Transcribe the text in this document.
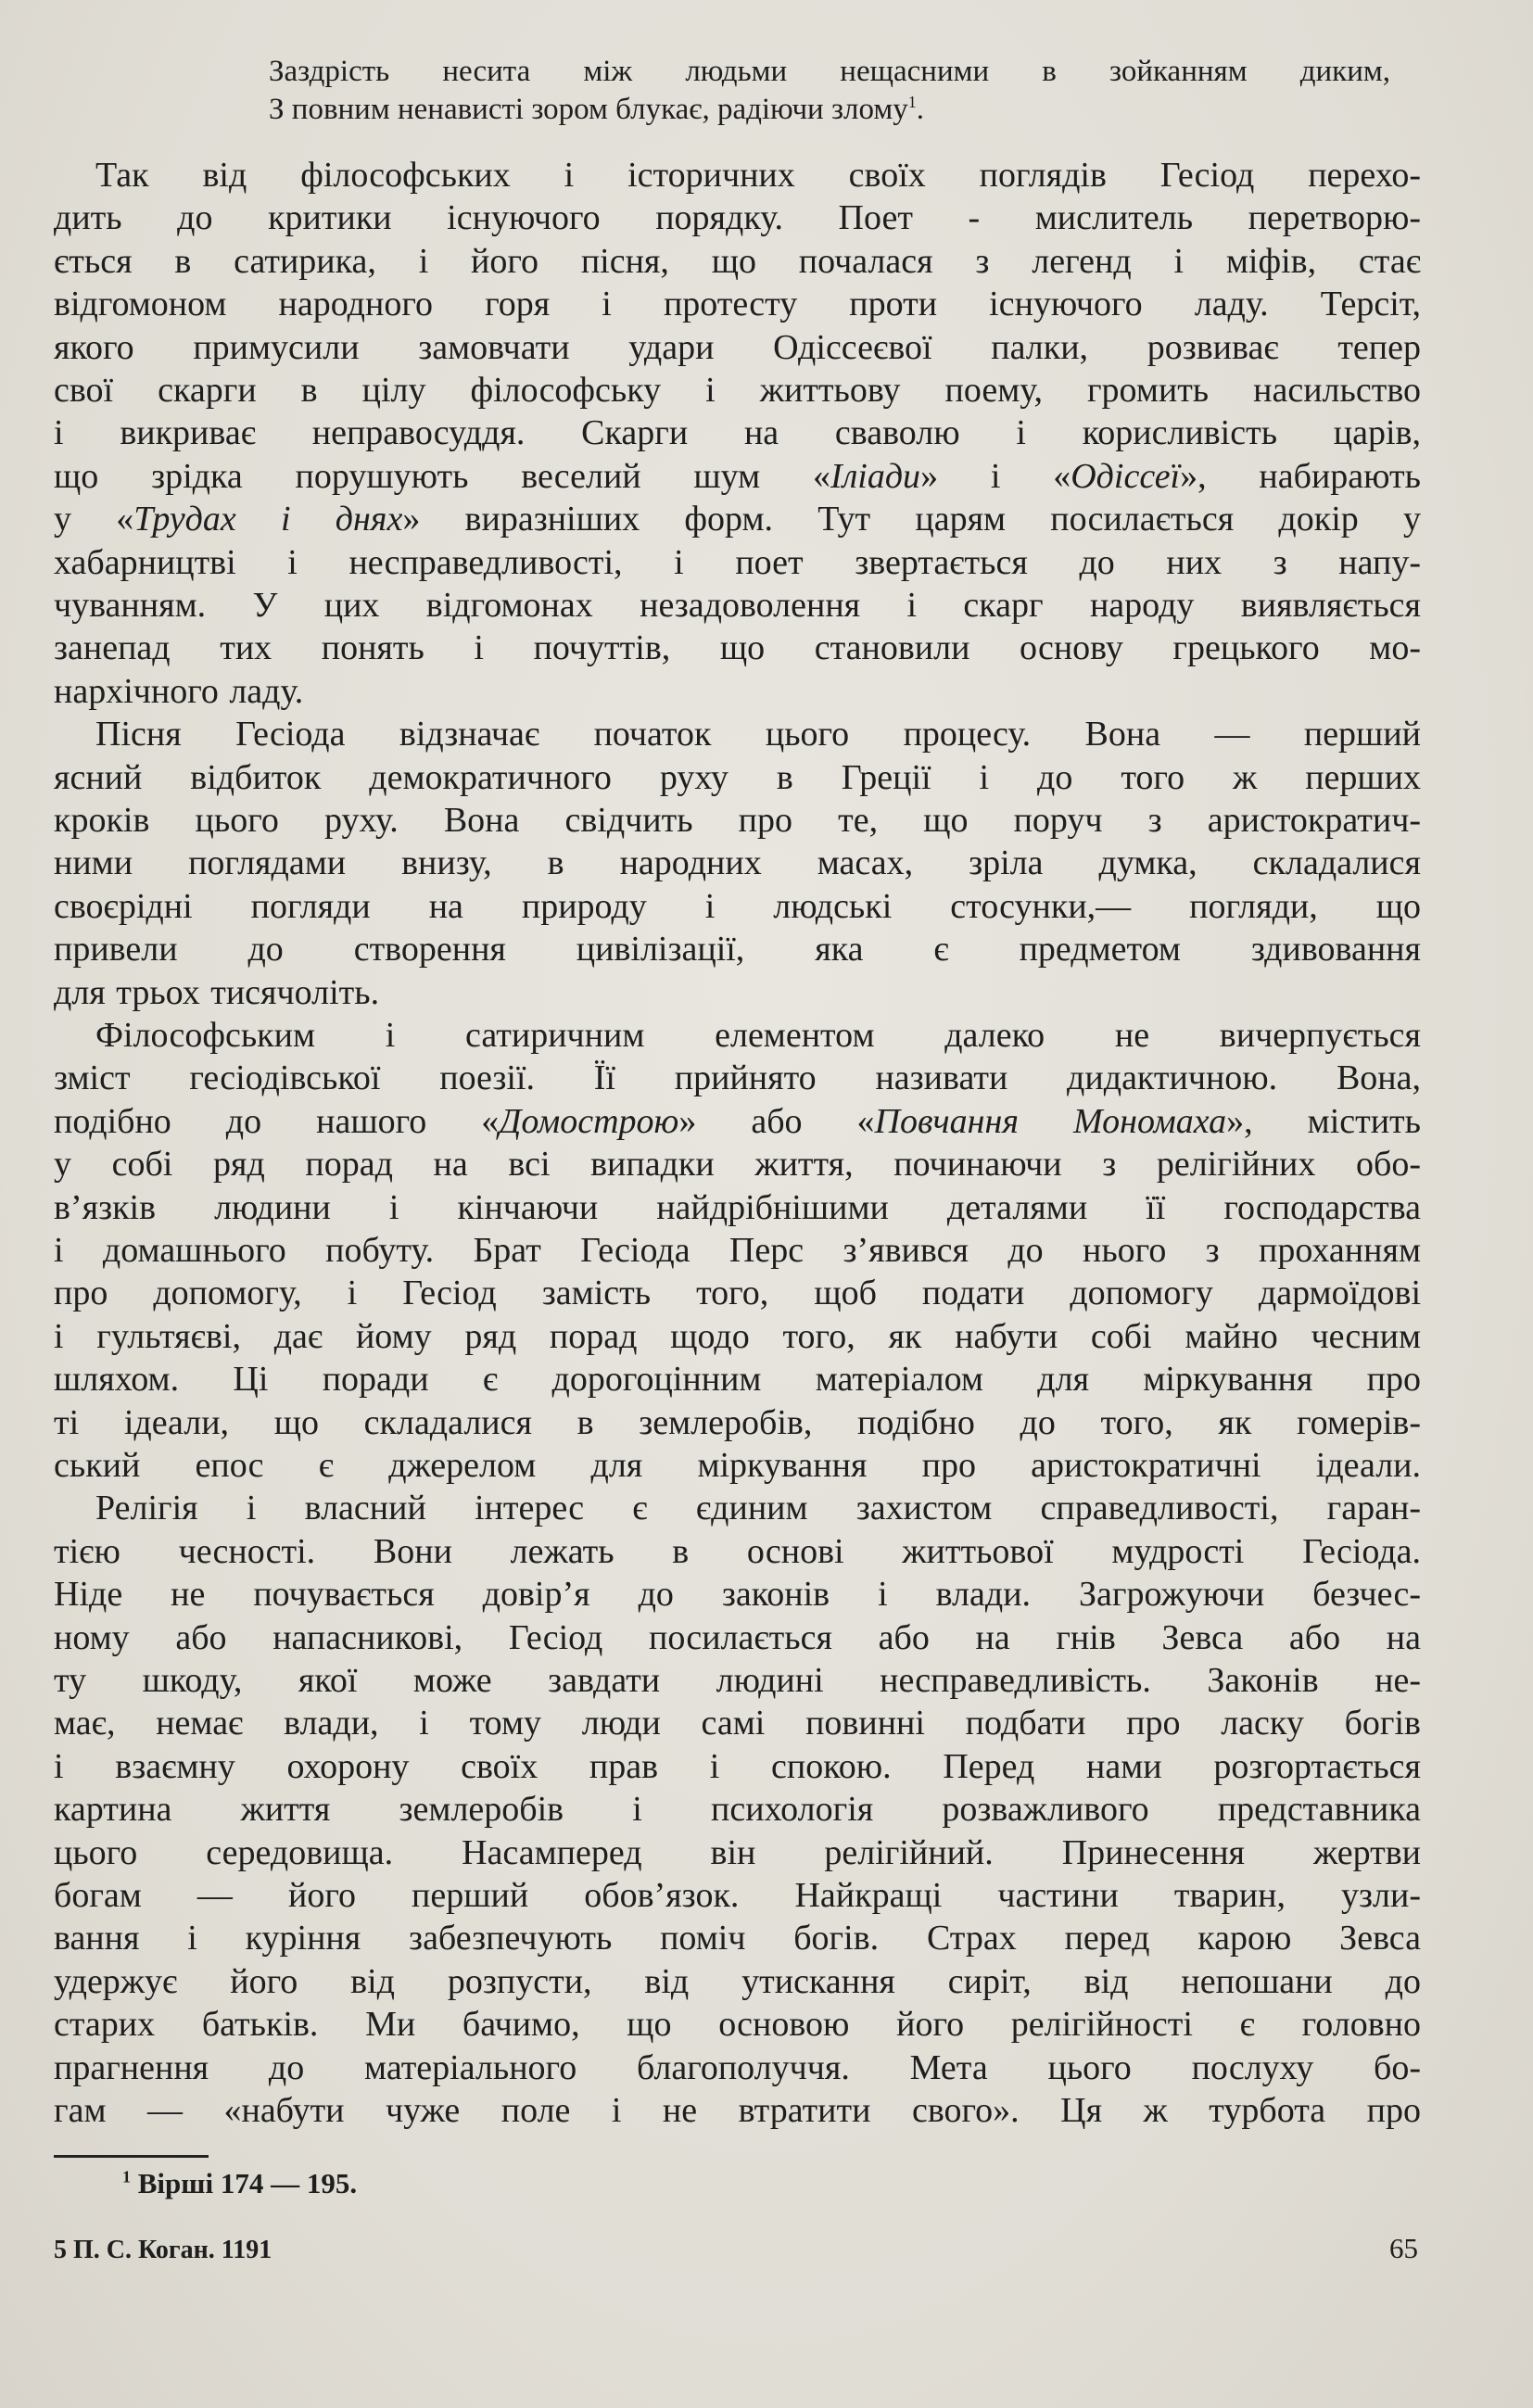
Заздрість несита між людьми нещасними в зойканням диким,
З повним ненависті зором блукає, радіючи злому$^1$.
Так від філософських і історичних своїх поглядів Гесіод перехо-
дить до критики існуючого порядку. Поет - мислитель перетворю-
ється в сатирика, і його пісня, що почалася з легенд і міфів, стає
відгомоном народного горя і протесту проти існуючого ладу. Терсіт,
якого примусили замовчати удари Одіссеєвої палки, розвиває тепер
свої скарги в цілу філософську і життьову поему, громить насильство
і викриває неправосуддя. Скарги на сваволю і корисливість царів,
що зрідка порушують веселий шум «Іліади» і «Одіссеї», набирають
у «Трудах і днях» виразніших форм. Тут царям посилається докір у
хабарництві і несправедливості, і поет звертається до них з напу-
чуванням. У цих відгомонах незадоволення і скарг народу виявляється
занепад тих понять і почуттів, що становили основу грецького мо-
нархічного ладу.
Пісня Гесіода відзначає початок цього процесу. Вона — перший
ясний відбиток демократичного руху в Греції і до того ж перших
кроків цього руху. Вона свідчить про те, що поруч з аристократич-
ними поглядами внизу, в народних масах, зріла думка, складалися
своєрідні погляди на природу і людські стосунки,— погляди, що
привели до створення цивілізації, яка є предметом здивовання
для трьох тисячоліть.
Філософським і сатиричним елементом далеко не вичерпується
зміст гесіодівської поезії. Її прийнято називати дидактичною. Вона,
подібно до нашого «Домострою» або «Повчання Мономаха», містить
у собі ряд порад на всі випадки життя, починаючи з релігійних обо-
в’язків людини і кінчаючи найдрібнішими деталями її господарства
і домашнього побуту. Брат Гесіода Перс з’явився до нього з проханням
про допомогу, і Гесіод замість того, щоб подати допомогу дармоїдові
і гультяєві, дає йому ряд порад щодо того, як набути собі майно чесним
шляхом. Ці поради є дорогоцінним матеріалом для міркування про
ті ідеали, що складалися в землеробів, подібно до того, як гомерів-
ський епос є джерелом для міркування про аристократичні ідеали.
Релігія і власний інтерес є єдиним захистом справедливості, гаран-
тією чесності. Вони лежать в основі життьової мудрості Гесіода.
Ніде не почувається довір’я до законів і влади. Загрожуючи безчес-
ному або напасникові, Гесіод посилається або на гнів Зевса або на
ту шкоду, якої може завдати людині несправедливість. Законів не-
має, немає влади, і тому люди самі повинні подбати про ласку богів
і взаємну охорону своїх прав і спокою. Перед нами розгортається
картина життя землеробів і психологія розважливого представника
цього середовища. Насамперед він релігійний. Принесення жертви
богам — його перший обов’язок. Найкращі частини тварин, узли-
вання і куріння забезпечують поміч богів. Страх перед карою Зевса
удержує його від розпусти, від утискання сиріт, від непошани до
старих батьків. Ми бачимо, що основою його релігійності є головно
прагнення до матеріального благополуччя. Мета цього послуху бо-
гам — «набути чуже поле і не втратити свого». Ця ж турбота про
$^1$ Вірші 174 — 195.
5 П. С. Коган. 1191	65
